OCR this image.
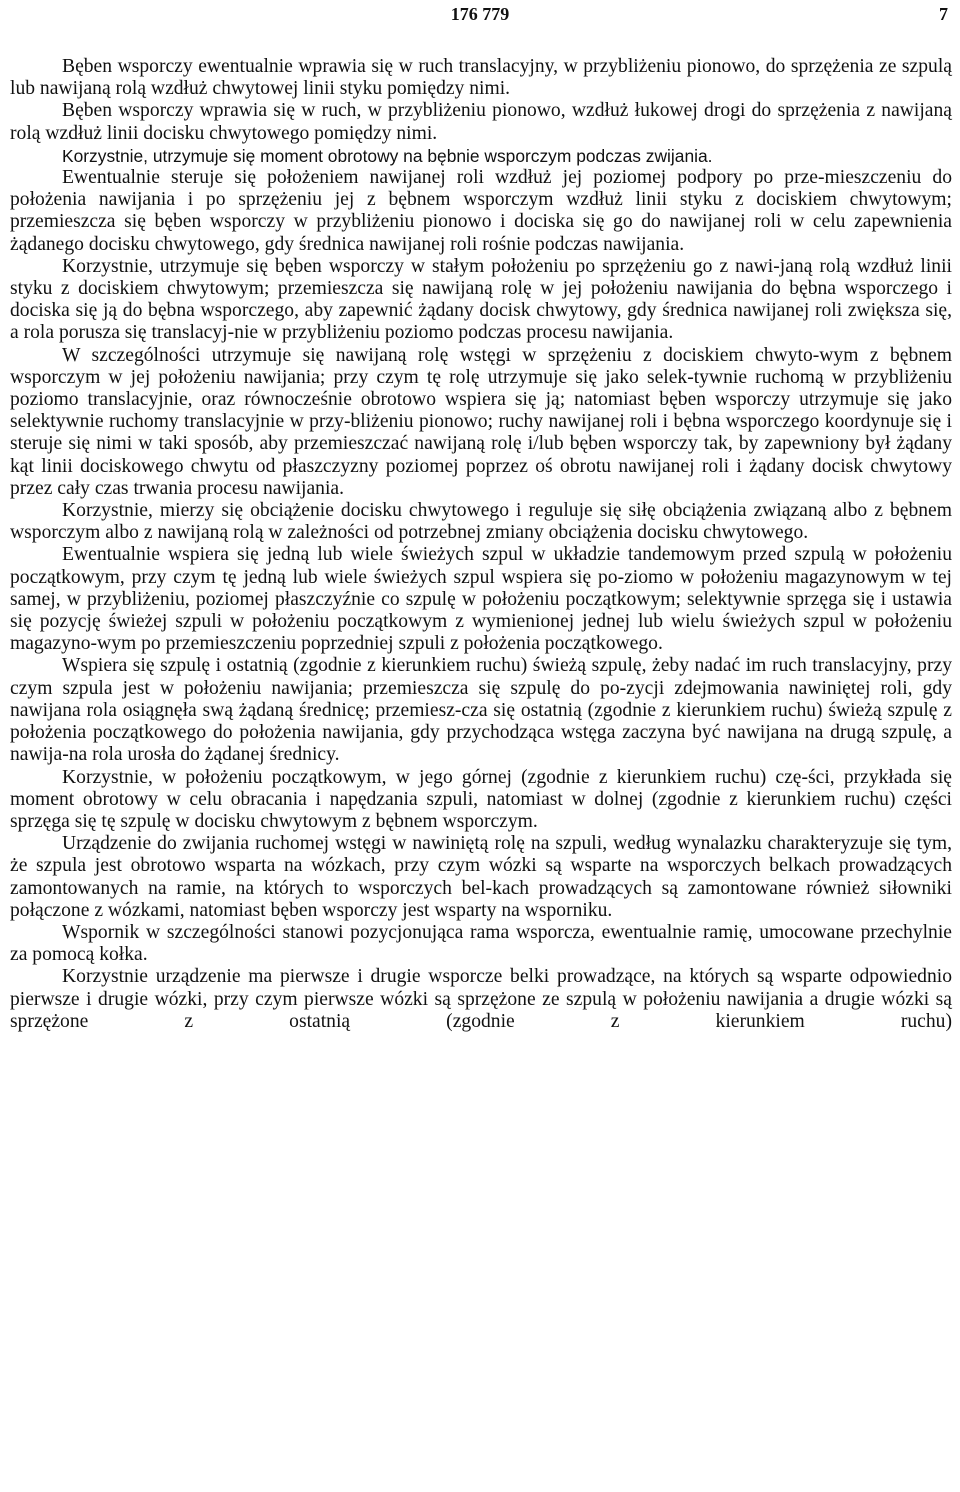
176 779	7

Bęben wsporczy ewentualnie wprawia się w ruch translacyjny, w przybliżeniu pionowo, do sprzężenia ze szpulą lub nawijaną rolą wzdłuż chwytowej linii styku pomiędzy nimi.

Bęben wsporczy wprawia się w ruch, w przybliżeniu pionowo, wzdłuż łukowej drogi do sprzężenia z nawijaną rolą wzdłuż linii docisku chwytowego pomiędzy nimi.

Korzystnie, utrzymuje się moment obrotowy na bębnie wsporczym podczas zwijania.

Ewentualnie steruje się położeniem nawijanej roli wzdłuż jej poziomej podpory po prze-mieszczeniu do położenia nawijania i po sprzężeniu jej z bębnem wsporczym wzdłuż linii styku z dociskiem chwytowym; przemieszcza się bęben wsporczy w przybliżeniu pionowo i dociska się go do nawijanej roli w celu zapewnienia żądanego docisku chwytowego, gdy średnica nawijanej roli rośnie podczas nawijania.

Korzystnie, utrzymuje się bęben wsporczy w stałym położeniu po sprzężeniu go z nawi-janą rolą wzdłuż linii styku z dociskiem chwytowym; przemieszcza się nawijaną rolę w jej położeniu nawijania do bębna wsporczego i dociska się ją do bębna wsporczego, aby zapewnić żądany docisk chwytowy, gdy średnica nawijanej roli zwiększa się, a rola porusza się translacyj-nie w przybliżeniu poziomo podczas procesu nawijania.

W szczególności utrzymuje się nawijaną rolę wstęgi w sprzężeniu z dociskiem chwyto-wym z bębnem wsporczym w jej położeniu nawijania; przy czym tę rolę utrzymuje się jako selek-tywnie ruchomą w przybliżeniu poziomo translacyjnie, oraz równocześnie obrotowo wspiera się ją; natomiast bęben wsporczy utrzymuje się jako selektywnie ruchomy translacyjnie w przy-bliżeniu pionowo; ruchy nawijanej roli i bębna wsporczego koordynuje się i steruje się nimi w taki sposób, aby przemieszczać nawijaną rolę i/lub bęben wsporczy tak, by zapewniony był żądany kąt linii dociskowego chwytu od płaszczyzny poziomej poprzez oś obrotu nawijanej roli i żądany docisk chwytowy przez cały czas trwania procesu nawijania.

Korzystnie, mierzy się obciążenie docisku chwytowego i reguluje się siłę obciążenia związaną albo z bębnem wsporczym albo z nawijaną rolą w zależności od potrzebnej zmiany obciążenia docisku chwytowego.

Ewentualnie wspiera się jedną lub wiele świeżych szpul w układzie tandemowym przed szpulą w położeniu początkowym, przy czym tę jedną lub wiele świeżych szpul wspiera się po-ziomo w położeniu magazynowym w tej samej, w przybliżeniu, poziomej płaszczyźnie co szpulę w położeniu początkowym; selektywnie sprzęga się i ustawia się pozycję świeżej szpuli w położeniu początkowym z wymienionej jednej lub wielu świeżych szpul w położeniu magazyno-wym po przemieszczeniu poprzedniej szpuli z położenia początkowego.

Wspiera się szpulę i ostatnią (zgodnie z kierunkiem ruchu) świeżą szpulę, żeby nadać im ruch translacyjny, przy czym szpula jest w położeniu nawijania; przemieszcza się szpulę do po-zycji zdejmowania nawiniętej roli, gdy nawijana rola osiągnęła swą żądaną średnicę; przemiesz-cza się ostatnią (zgodnie z kierunkiem ruchu) świeżą szpulę z położenia początkowego do położenia nawijania, gdy przychodząca wstęga zaczyna być nawijana na drugą szpulę, a nawija-na rola urosła do żądanej średnicy.

Korzystnie, w położeniu początkowym, w jego górnej (zgodnie z kierunkiem ruchu) czę-ści, przykłada się moment obrotowy w celu obracania i napędzania szpuli, natomiast w dolnej (zgodnie z kierunkiem ruchu) części sprzęga się tę szpulę w docisku chwytowym z bębnem wsporczym.

Urządzenie do zwijania ruchomej wstęgi w nawiniętą rolę na szpuli, według wynalazku charakteryzuje się tym, że szpula jest obrotowo wsparta na wózkach, przy czym wózki są wsparte na wsporczych belkach prowadzących zamontowanych na ramie, na których to wsporczych bel-kach prowadzących są zamontowane również siłowniki połączone z wózkami, natomiast bęben wsporczy jest wsparty na wsporniku.

Wspornik w szczególności stanowi pozycjonująca rama wsporcza, ewentualnie ramię, umocowane przechylnie za pomocą kołka.

Korzystnie urządzenie ma pierwsze i drugie wsporcze belki prowadzące, na których są wsparte odpowiednio pierwsze i drugie wózki, przy czym pierwsze wózki są sprzężone ze szpulą w położeniu nawijania a drugie wózki są sprzężone z ostatnią (zgodnie z kierunkiem ruchu)
